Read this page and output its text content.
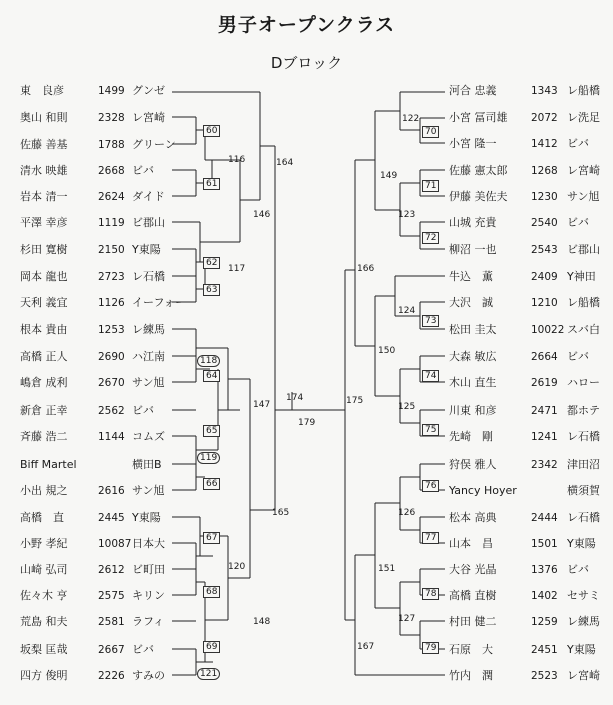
男子オープンクラス
Dブロック
東　良彦	1499 グンゼ
奥山 和則	2328 レ宮崎
佐藤 善基	1788 グリーン
清水 映雄	2668 ビバ
岩本 清一	2624 ダイド
平澤 幸彦	1119 ビ郡山
杉田 寛樹	2150 Y東陽
岡本 龍也	2723 レ石橋
天利 義宜	1126 イーフォー
根本 貴由	1253 レ練馬
高橋 正人	2690 ハ江南
嶋倉 成利	2670 サン旭
新倉 正幸	2562 ビバ
斉藤 浩二	1144 コムズ
Biff Martel	横田B
小出 規之	2616 サン旭
高橋　直	2445 Y東陽
小野 孝紀	10087 日本大
山崎 弘司	2612 ビ町田
佐々木 亨	2575 キリン
荒島 和夫	2581 ラフィ
坂梨 匡哉	2667 ビバ
四方 俊明	2226 すみの
河合 忠義	1343 レ船橋
小宮 冨司雄 2072 レ洗足
小宮 隆一	1412 ビバ
佐藤 憲太郎 1268 レ宮崎
伊藤 美佐夫 1230 サン旭
山城 充貴	2540 ビバ
柳沼 一也	2543 ビ郡山
牛込　薫	2409 Y神田
大沢　誠	1210 レ船橋
松田 圭太	10022 スバ白
大森 敏広	2664 ビバ
木山 直生	2619 ハロー
川東 和彦	2471 都ホテ
先崎　剛	1241 レ石橋
狩俣 雅人	2342 津田沼
Yancy Hoyer	横須賀
松本 高典	2444 レ石橋
山本　昌	1501 Y東陽
大谷 光晶	1376 ビバ
高橋 直樹	1402 セサミ
村田 健二	1259 レ練馬
石原　大	2451 Y東陽
竹内　潤	2523 レ宮崎
60
61
62
63
64
65
66
67
68
69
116
117
118
119
120
121
146
147
148
164
165
174
179
70
71
72
73
74
75
76
77
78
79
122
123
124
125
126
127
149
150
151
166
167
175
